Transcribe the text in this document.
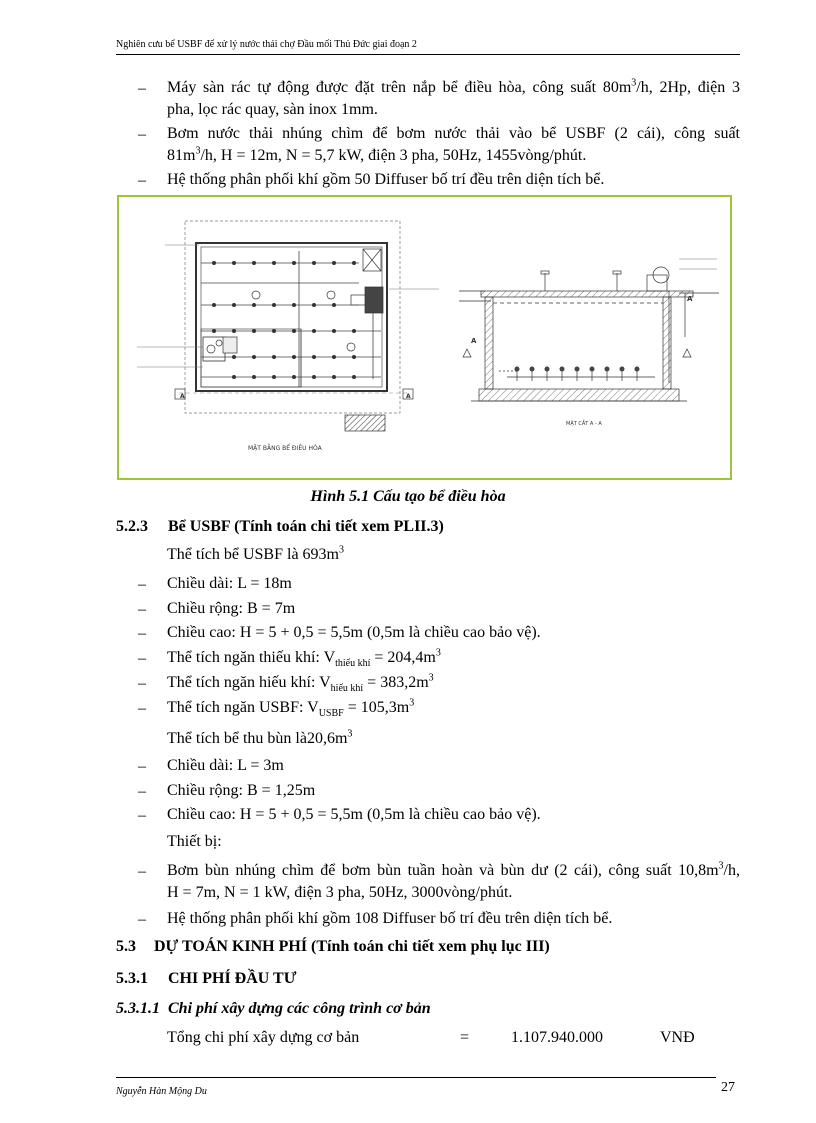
Nghiên cưu bể USBF để xử lý nước thải chợ Đầu mối Thủ Đức giai đoạn 2
– Máy sàn rác tự động được đặt trên nắp bể điều hòa, công suất $80m^3/h$, 2Hp, điện 3
pha, lọc rác quay, sàn inox 1mm.
– Bơm nước thải nhúng chìm để bơm nước thải vào bể USBF (2 cái), công suất
$81m^3/h$, H = 12m, N = 5,7 kW, điện 3 pha, 50Hz, 1455vòng/phút.
– Hệ thống phân phối khí gồm 50 Diffuser bố trí đều trên diện tích bể.
MẶT BẰNG BỂ ĐIỀU HÒA
A	A
MẶT CẮT A - A
A
A
Hình 5.1 Cấu tạo bể điều hòa
5.2.3 Bể USBF (Tính toán chi tiết xem PLII.3)
Thể tích bể USBF là $693m^3$
– Chiều dài: L = 18m
– Chiều rộng: B = 7m
– Chiều cao: H = 5 + 0,5 = 5,5m (0,5m là chiều cao bảo vệ).
– Thể tích ngăn thiếu khí: $V_{thiếu khí} = 204,4m^3$
– Thể tích ngăn hiếu khí: $V_{hiếu khí} = 383,2m^3$
– Thể tích ngăn USBF: $V_{USBF} = 105,3m^3$
Thể tích bể thu bùn $là20,6m^3$
– Chiều dài: L = 3m
– Chiều rộng: B = 1,25m
– Chiều cao: H = 5 + 0,5 = 5,5m (0,5m là chiều cao bảo vệ).
Thiết bị:
– Bơm bùn nhúng chìm để bơm bùn tuần hoàn và bùn dư (2 cái), công suất $10,8m^3/h$,
H = 7m, N = 1 kW, điện 3 pha, 50Hz, 3000vòng/phút.
– Hệ thống phân phối khí gồm 108 Diffuser bố trí đều trên diện tích bể.
5.3 DỰ TOÁN KINH PHÍ (Tính toán chi tiết xem phụ lục III)
5.3.1 CHI PHÍ ĐẦU TƯ
5.3.1.1 Chi phí xây dựng các công trình cơ bản
Tổng chi phí xây dựng cơ bản	=	1.107.940.000	VNĐ
Nguyễn Hàn Mộng Du	27
